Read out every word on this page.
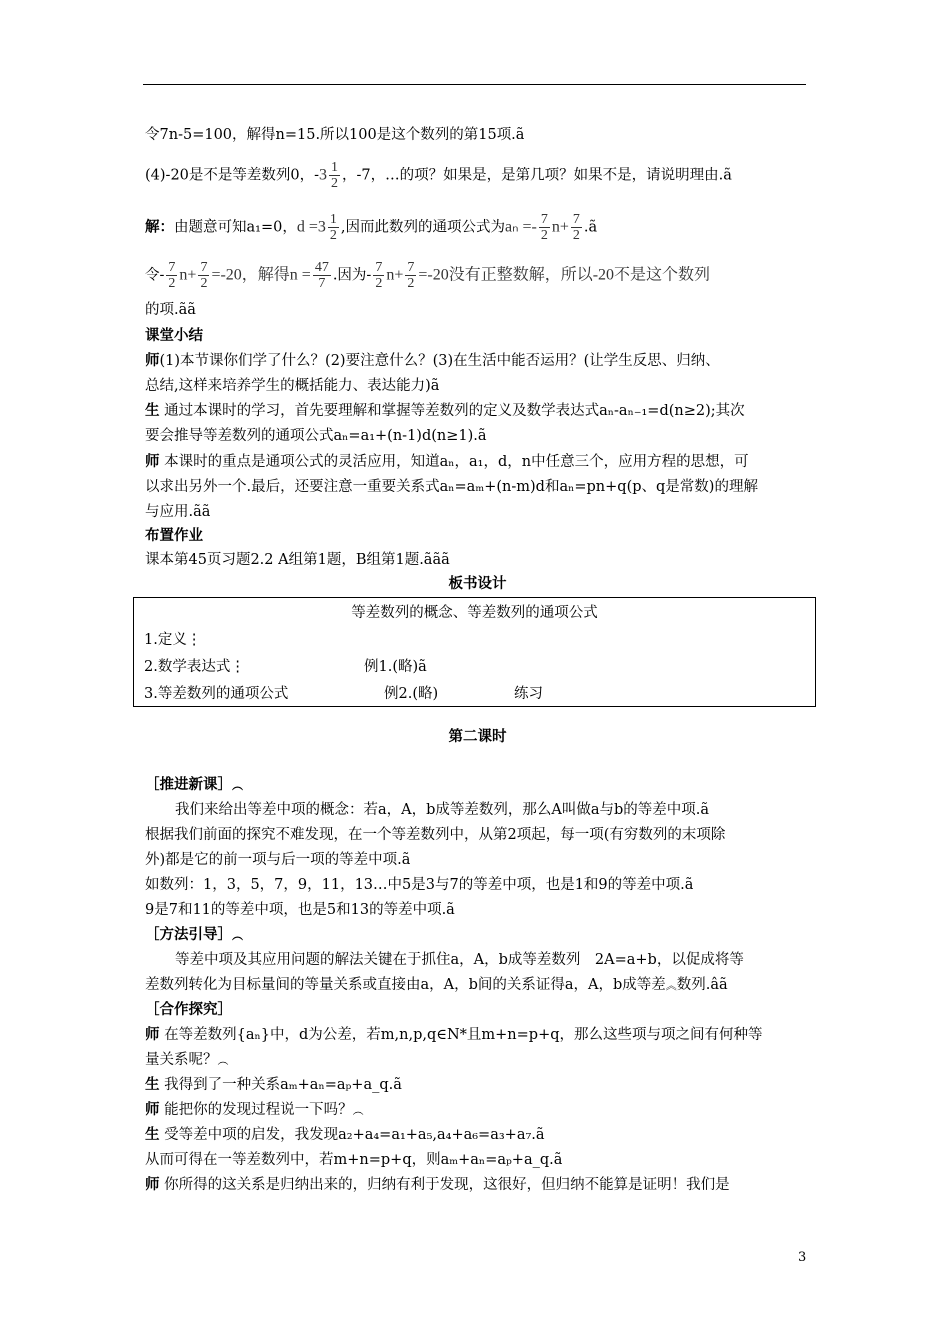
令7n-5=100，解得n=15.所以100是这个数列的第15项.ã
(4)-20是不是等差数列0，$-3 \frac{1}{2}$ ，-7，…的项？如果是，是第几项？如果不是，请说明理由.ã
解：由题意可知a₁=0，$d =3 \frac{1}{2}$ ,因而此数列的通项公式为$a_n =- \frac{7}{2} n+ \frac{7}{2}$ .ã
令- $\frac{7}{2} n+ \frac{7}{2} =-20$，解得$n = \frac{47}{7}$ .因为- $\frac{7}{2} n+ \frac{7}{2} =-20$没有正整数解，所以-20不是这个数列
的项.ãã
课堂小结
师(1)本节课你们学了什么？(2)要注意什么？(3)在生活中能否运用？(让学生反思、归纳、
总结,这样来培养学生的概括能力、表达能力)ã
生 通过本课时的学习，首先要理解和掌握等差数列的定义及数学表达式aₙ-aₙ₋₁=d(n≥2);其次
要会推导等差数列的通项公式aₙ=a₁+(n-1)d(n≥1).ã
师 本课时的重点是通项公式的灵活应用，知道aₙ，a₁，d，n中任意三个，应用方程的思想，可
以求出另外一个.最后，还要注意一重要关系式aₙ=aₘ+(n-m)d和aₙ=pn+q(p、q是常数)的理解
与应用.ãã
布置作业
课本第45页习题2.2 A组第1题，B组第1题.ããã
板书设计
等差数列的概念、等差数列的通项公式		
1.定义⋮		
2.数学表达式⋮	例1.(略)ã	
3.等差数列的通项公式	例2.(略)	练习
第二课时
［推进新课］︵
我们来给出等差中项的概念：若a，A，b成等差数列，那么A叫做a与b的等差中项.ã
根据我们前面的探究不难发现，在一个等差数列中，从第2项起，每一项(有穷数列的末项除
外)都是它的前一项与后一项的等差中项.ã
如数列：1，3，5，7，9，11，13…中5是3与7的等差中项，也是1和9的等差中项.ã
9是7和11的等差中项，也是5和13的等差中项.ã
［方法引导］︵
等差中项及其应用问题的解法关键在于抓住a，A，b成等差数列　2A=a+b，以促成将等
差数列转化为目标量间的等量关系或直接由a，A，b间的关系证得a，A，b成等差︽数列.âã
［合作探究］
师 在等差数列{aₙ}中，d为公差，若m,n,p,q∈N*且m+n=p+q，那么这些项与项之间有何种等
量关系呢？︵
生 我得到了一种关系aₘ+aₙ=aₚ+a_q.ã
师 能把你的发现过程说一下吗？︵
生 受等差中项的启发，我发现a₂+a₄=a₁+a₅,a₄+a₆=a₃+a₇.ã
从而可得在一等差数列中，若m+n=p+q，则aₘ+aₙ=aₚ+a_q.ã
师 你所得的这关系是归纳出来的，归纳有利于发现，这很好，但归纳不能算是证明！我们是
3
